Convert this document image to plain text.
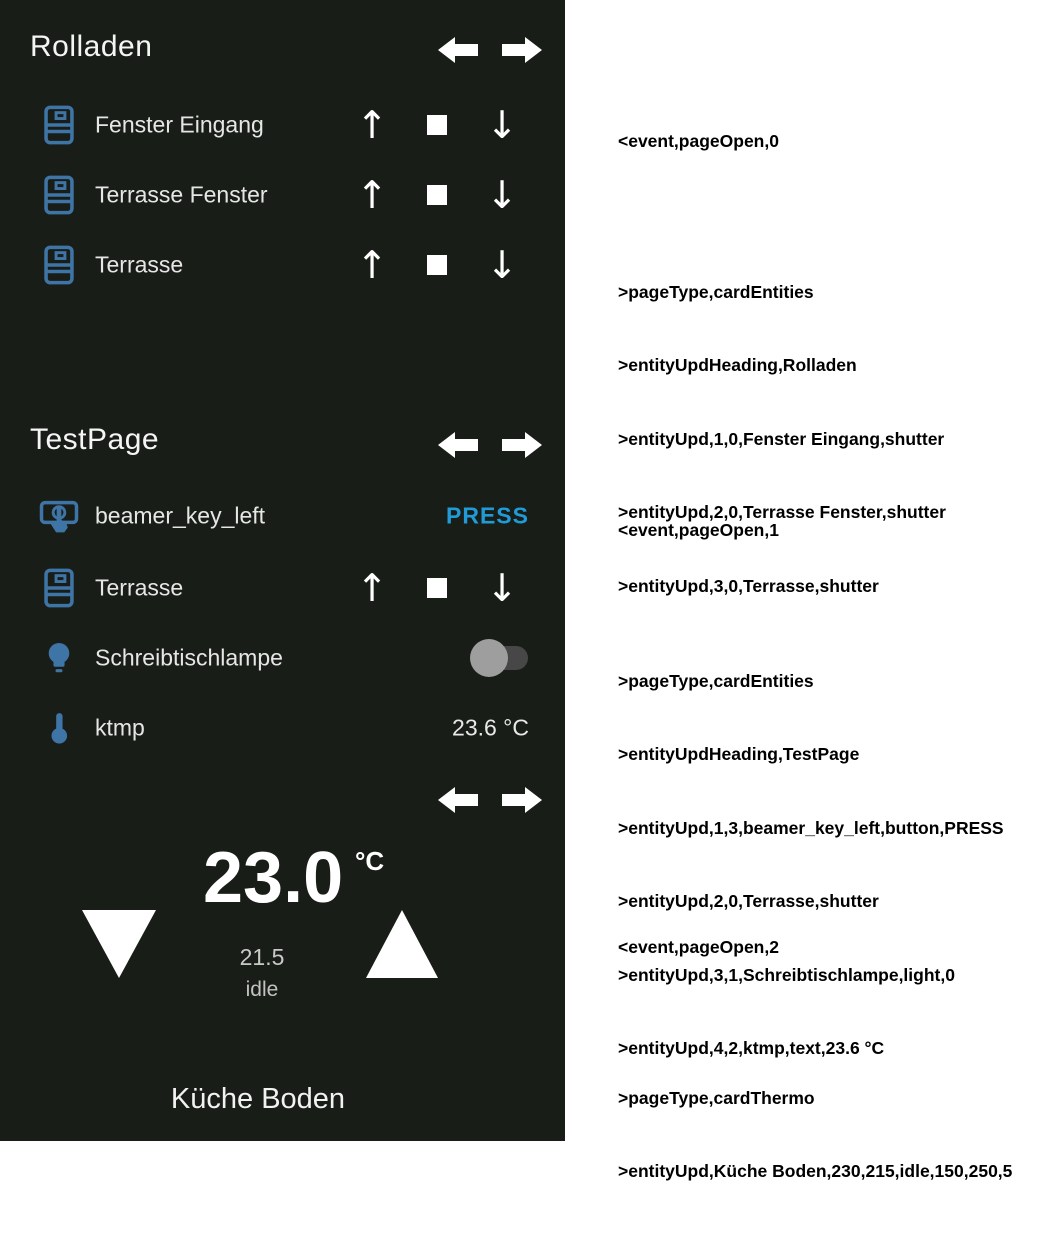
Rolladen
Fenster Eingang ↑	↓
Terrasse Fenster ↑	↓
Terrasse	↑	↓
TestPage
beamer_key_left	PRESS
Terrasse	↑	↓
Schreibtischlampe
ktmp	23.6 °C
23.0 °C
21.5
idle
Küche Boden

<event,pageOpen,0

>pageType,cardEntities

>entityUpdHeading,Rolladen

>entityUpd,1,0,Fenster Eingang,shutter

>entityUpd,2,0,Terrasse Fenster,shutter

>entityUpd,3,0,Terrasse,shutter

<event,pageOpen,1

>pageType,cardEntities

>entityUpdHeading,TestPage

>entityUpd,1,3,beamer_key_left,button,PRESS

>entityUpd,2,0,Terrasse,shutter

>entityUpd,3,1,Schreibtischlampe,light,0

>entityUpd,4,2,ktmp,text,23.6 °C

<event,pageOpen,2

>pageType,cardThermo

>entityUpd,Küche Boden,230,215,idle,150,250,5
